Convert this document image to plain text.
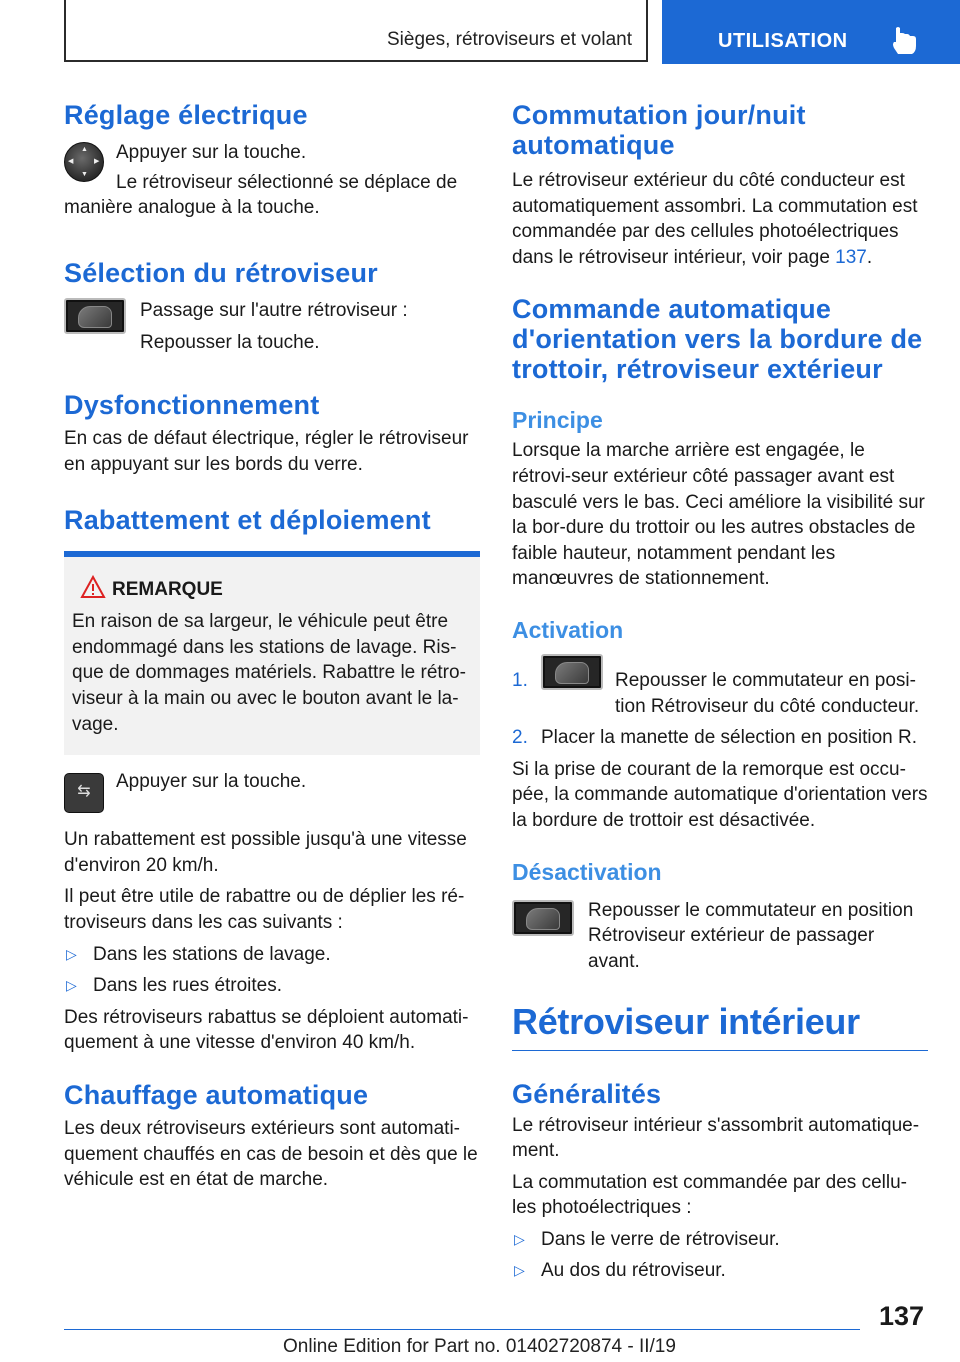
Sièges, rétroviseurs et volant	UTILISATION
Réglage électrique
▲
▼
◀	▶ Appuyer sur la touche.

Le rétroviseur sélectionné se déplace de manière analogue à la touche.

Sélection du rétroviseur

Passage sur l'autre rétroviseur :

Repousser la touche.

Dysfonctionnement

En cas de défaut électrique, régler le rétroviseur en appuyant sur les bords du verre.

Rabattement et déploiement
REMARQUE

En raison de sa largeur, le véhicule peut être endommagé dans les stations de lavage. Ris‐que de dommages matériels. Rabattre le rétro‐viseur à la main ou avec le bouton avant le la‐vage.

⇆	Appuyer sur la touche.

Un rabattement est possible jusqu'à une vitesse d'environ 20 km/h.

Il peut être utile de rabattre ou de déplier les ré‐troviseurs dans les cas suivants :

▷ Dans les stations de lavage.
▷ Dans les rues étroites.

Des rétroviseurs rabattus se déploient automati‐quement à une vitesse d'environ 40 km/h.

Chauffage automatique

Les deux rétroviseurs extérieurs sont automati‐quement chauffés en cas de besoin et dès que le véhicule est en état de marche.

Commutation jour/nuit automatique

Le rétroviseur extérieur du côté conducteur est automatiquement assombri. La commutation est commandée par des cellules photoélectriques dans le rétroviseur intérieur, voir page 137.

Commande automatique d'orientation vers la bordure de trottoir, rétroviseur extérieur
Principe

Lorsque la marche arrière est engagée, le rétrovi‐seur extérieur côté passager avant est basculé vers le bas. Ceci améliore la visibilité sur la bor‐dure du trottoir ou les autres obstacles de faible hauteur, notamment pendant les manœuvres de stationnement.

Activation
1.	Repousser le commutateur en posi‐tion Rétroviseur du côté conducteur.
2. Placer la manette de sélection en position R.

Si la prise de courant de la remorque est occu‐pée, la commande automatique d'orientation vers la bordure de trottoir est désactivée.

Désactivation

Repousser le commutateur en position Rétroviseur extérieur de passager avant.

Rétroviseur intérieur
Généralités

Le rétroviseur intérieur s'assombrit automatique‐ment.

La commutation est commandée par des cellu‐les photoélectriques :

▷ Dans le verre de rétroviseur.
▷ Au dos du rétroviseur.
137
Online Edition for Part no. 01402720874 - II/19
